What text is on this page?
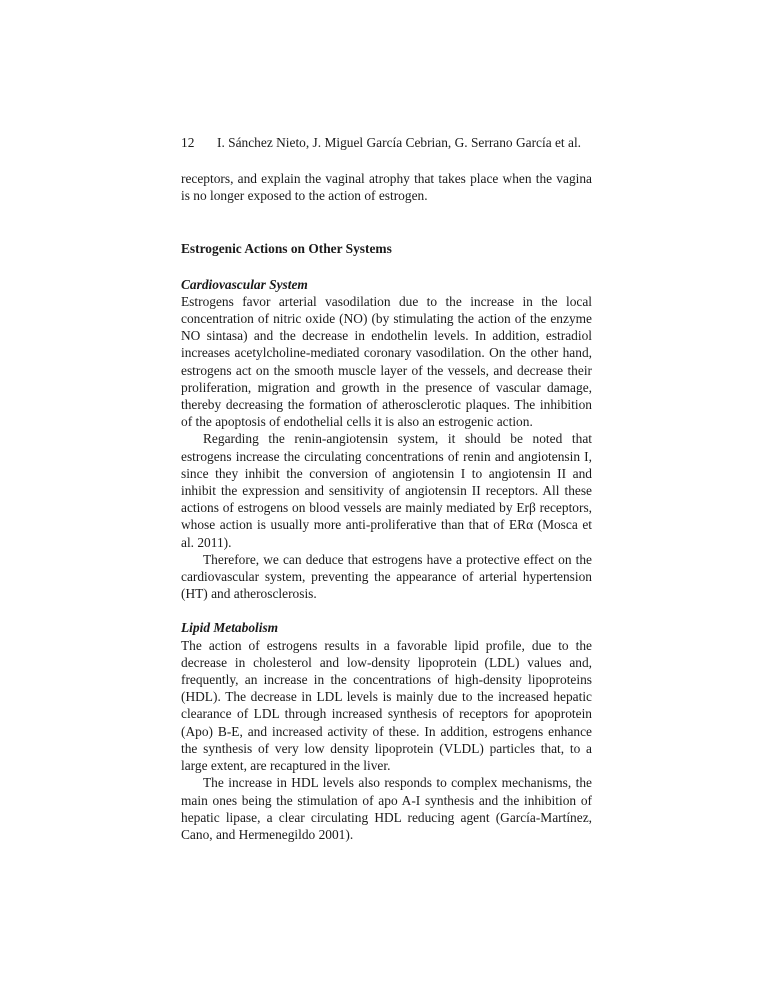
12 I. Sánchez Nieto, J. Miguel García Cebrian, G. Serrano García et al.

receptors, and explain the vaginal atrophy that takes place when the vagina is no longer exposed to the action of estrogen.

Estrogenic Actions on Other Systems
Cardiovascular System

Estrogens favor arterial vasodilation due to the increase in the local concentration of nitric oxide (NO) (by stimulating the action of the enzyme NO sintasa) and the decrease in endothelin levels. In addition, estradiol increases acetylcholine-mediated coronary vasodilation. On the other hand, estrogens act on the smooth muscle layer of the vessels, and decrease their proliferation, migration and growth in the presence of vascular damage, thereby decreasing the formation of atherosclerotic plaques. The inhibition of the apoptosis of endothelial cells it is also an estrogenic action.

Regarding the renin-angiotensin system, it should be noted that estrogens increase the circulating concentrations of renin and angiotensin I, since they inhibit the conversion of angiotensin I to angiotensin II and inhibit the expression and sensitivity of angiotensin II receptors. All these actions of estrogens on blood vessels are mainly mediated by Erβ receptors, whose action is usually more anti-proliferative than that of ERα (Mosca et al. 2011).

Therefore, we can deduce that estrogens have a protective effect on the cardiovascular system, preventing the appearance of arterial hypertension (HT) and atherosclerosis.

Lipid Metabolism

The action of estrogens results in a favorable lipid profile, due to the decrease in cholesterol and low-density lipoprotein (LDL) values and, frequently, an increase in the concentrations of high-density lipoproteins (HDL). The decrease in LDL levels is mainly due to the increased hepatic clearance of LDL through increased synthesis of receptors for apoprotein (Apo) B-E, and increased activity of these. In addition, estrogens enhance the synthesis of very low density lipoprotein (VLDL) particles that, to a large extent, are recaptured in the liver.

The increase in HDL levels also responds to complex mechanisms, the main ones being the stimulation of apo A-I synthesis and the inhibition of hepatic lipase, a clear circulating HDL reducing agent (García-Martínez, Cano, and Hermenegildo 2001).
